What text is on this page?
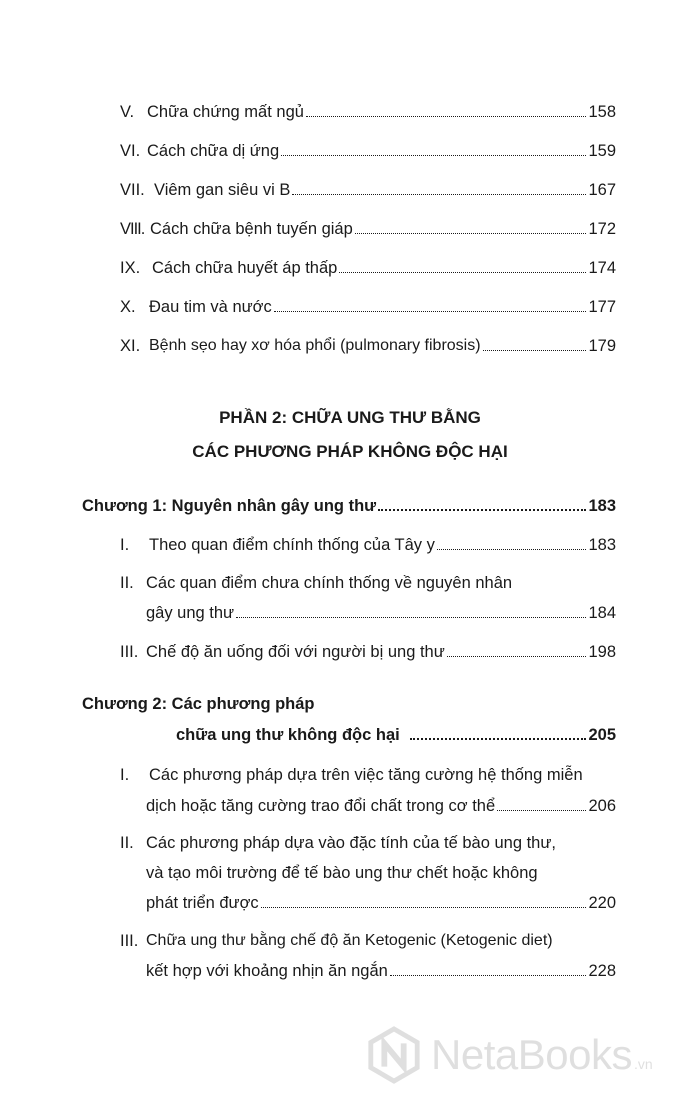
V. Chữa chứng mất ngủ	158
VI. Cách chữa dị ứng	159
VII. Viêm gan siêu vi B	167
VIII. Cách chữa bệnh tuyến giáp	172
IX. Cách chữa huyết áp thấp	174
X. Đau tim và nước	177
XI. Bệnh sẹo hay xơ hóa phổi (pulmonary fibrosis)	179
PHẦN 2: CHỮA UNG THƯ BẰNG
CÁC PHƯƠNG PHÁP KHÔNG ĐỘC HẠI
Chương 1: Nguyên nhân gây ung thư	183
I.	Theo quan điểm chính thống của Tây y	183
II. Các quan điểm chưa chính thống về nguyên nhân
gây ung thư	184
III. Chế độ ăn uống đối với người bị ung thư	198
Chương 2: Các phương pháp
chữa ung thư không độc hại	205
I.	Các phương pháp dựa trên việc tăng cường hệ thống miễn
dịch hoặc tăng cường trao đổi chất trong cơ thể	206
II. Các phương pháp dựa vào đặc tính của tế bào ung thư,
và tạo môi trường để tế bào ung thư chết hoặc không
phát triển được	220
III. Chữa ung thư bằng chế độ ăn Ketogenic (Ketogenic diet)
kết hợp với khoảng nhịn ăn ngắn	228
NetaBooks .vn
